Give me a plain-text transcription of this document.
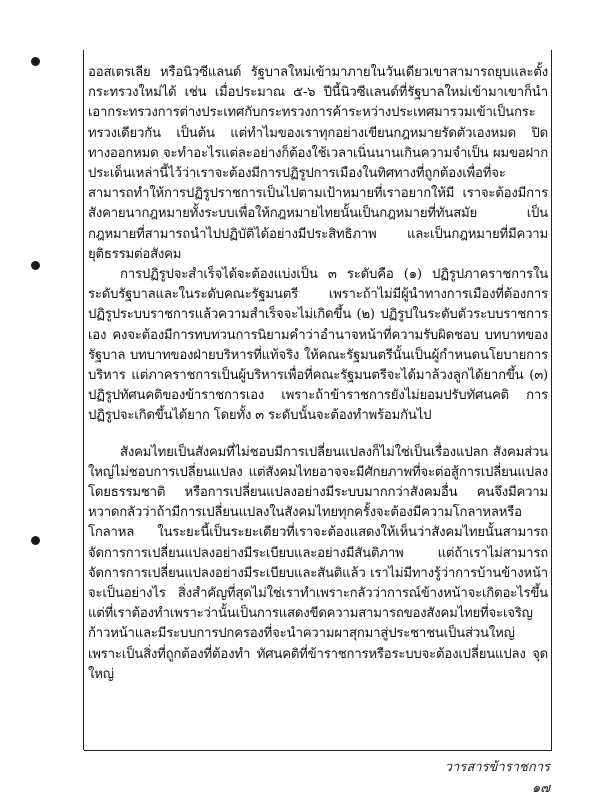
ออสเตรเลีย หรือนิวซีแลนด์ รัฐบาลใหม่เข้ามาภายในวันเดียวเขาสามารถยุบและตั้งกระทรวงใหม่ได้ เช่น เมื่อประมาณ ๕-๖ ปีนี้นิวซีแลนด์ที่รัฐบาลใหม่เข้ามาเขาก็นำเอากระทรวงการต่างประเทศกับกระทรวงการค้าระหว่างประเทศมารวมเข้าเป็นกระทรวงเดียวกัน เป็นต้น แต่ทำไมของเราทุกอย่างเขียนกฎหมายรัดตัวเองหมด ปิดทางออกหมด จะทำอะไรแต่ละอย่างก็ต้องใช้เวลาเนิ่นนานเกินความจำเป็น ผมขอฝากประเด็นเหล่านี้ไว้ว่าเราจะต้องมีการปฏิรูปการเมืองในทิศทางที่ถูกต้องเพื่อที่จะสามารถทำให้การปฏิรูปราชการเป็นไปตามเป้าหมายที่เราอยากให้มี เราจะต้องมีการสังคายนากฎหมายทั้งระบบเพื่อให้กฎหมายไทยนั้นเป็นกฎหมายที่ทันสมัย เป็นกฎหมายที่สามารถนำไปปฏิบัติได้อย่างมีประสิทธิภาพ และเป็นกฎหมายที่มีความยุติธรรมต่อสังคม

การปฏิรูปจะสำเร็จได้จะต้องแบ่งเป็น ๓ ระดับคือ (๑) ปฏิรูปภาคราชการในระดับรัฐบาลและในระดับคณะรัฐมนตรี เพราะถ้าไม่มีผู้นำทางการเมืองที่ต้องการปฏิรูประบบราชการแล้วความสำเร็จจะไม่เกิดขึ้น (๒) ปฏิรูปในระดับตัวระบบราชการเอง คงจะต้องมีการทบทวนการนิยามคำว่าอำนาจหน้าที่ความรับผิดชอบ บทบาทของรัฐบาล บทบาทของฝ่ายบริหารที่แท้จริง ให้คณะรัฐมนตรีนั้นเป็นผู้กำหนดนโยบายการบริหาร แต่ภาคราชการเป็นผู้บริหารเพื่อที่คณะรัฐมนตรีจะได้มาล้วงลูกได้ยากขึ้น (๓) ปฏิรูปทัศนคติของข้าราชการเอง เพราะถ้าข้าราชการยังไม่ยอมปรับทัศนคติ การปฏิรูปจะเกิดขึ้นได้ยาก โดยทั้ง ๓ ระดับนั้นจะต้องทำพร้อมกันไป

สังคมไทยเป็นสังคมที่ไม่ชอบมีการเปลี่ยนแปลงก็ไม่ใช่เป็นเรื่องแปลก สังคมส่วนใหญ่ไม่ชอบการเปลี่ยนแปลง แต่สังคมไทยอาจจะมีศักยภาพที่จะต่อสู้การเปลี่ยนแปลงโดยธรรมชาติ หรือการเปลี่ยนแปลงอย่างมีระบบมากกว่าสังคมอื่น คนจึงมีความหวาดกลัวว่าถ้ามีการเปลี่ยนแปลงในสังคมไทยทุกครั้งจะต้องมีความโกลาหลหรือโกลาหล ในระยะนี้เป็นระยะเดียวที่เราจะต้องแสดงให้เห็นว่าสังคมไทยนั้นสามารถจัดการการเปลี่ยนแปลงอย่างมีระเบียบและอย่างมีสันติภาพ แต่ถ้าเราไม่สามารถจัดการการเปลี่ยนแปลงอย่างมีระเบียบและสันติแล้ว เราไม่มีทางรู้ว่าการบ้านข้างหน้าจะเป็นอย่างไร สิ่งสำคัญที่สุดไม่ใช่เราทำเพราะกลัวว่าการณ์ข้างหน้าจะเกิดอะไรขึ้น แต่ที่เราต้องทำเพราะว่านั้นเป็นการแสดงขีดความสามารถของสังคมไทยที่จะเจริญก้าวหน้าและมีระบบการปกครองที่จะนำความผาสุกมาสู่ประชาชนเป็นส่วนใหญ่ เพราะเป็นสิ่งที่ถูกต้องที่ต้องทำ ทัศนคติที่ข้าราชการหรือระบบจะต้องเปลี่ยนแปลง จุดใหญ่

วารสารข้าราชการ ๑๗
